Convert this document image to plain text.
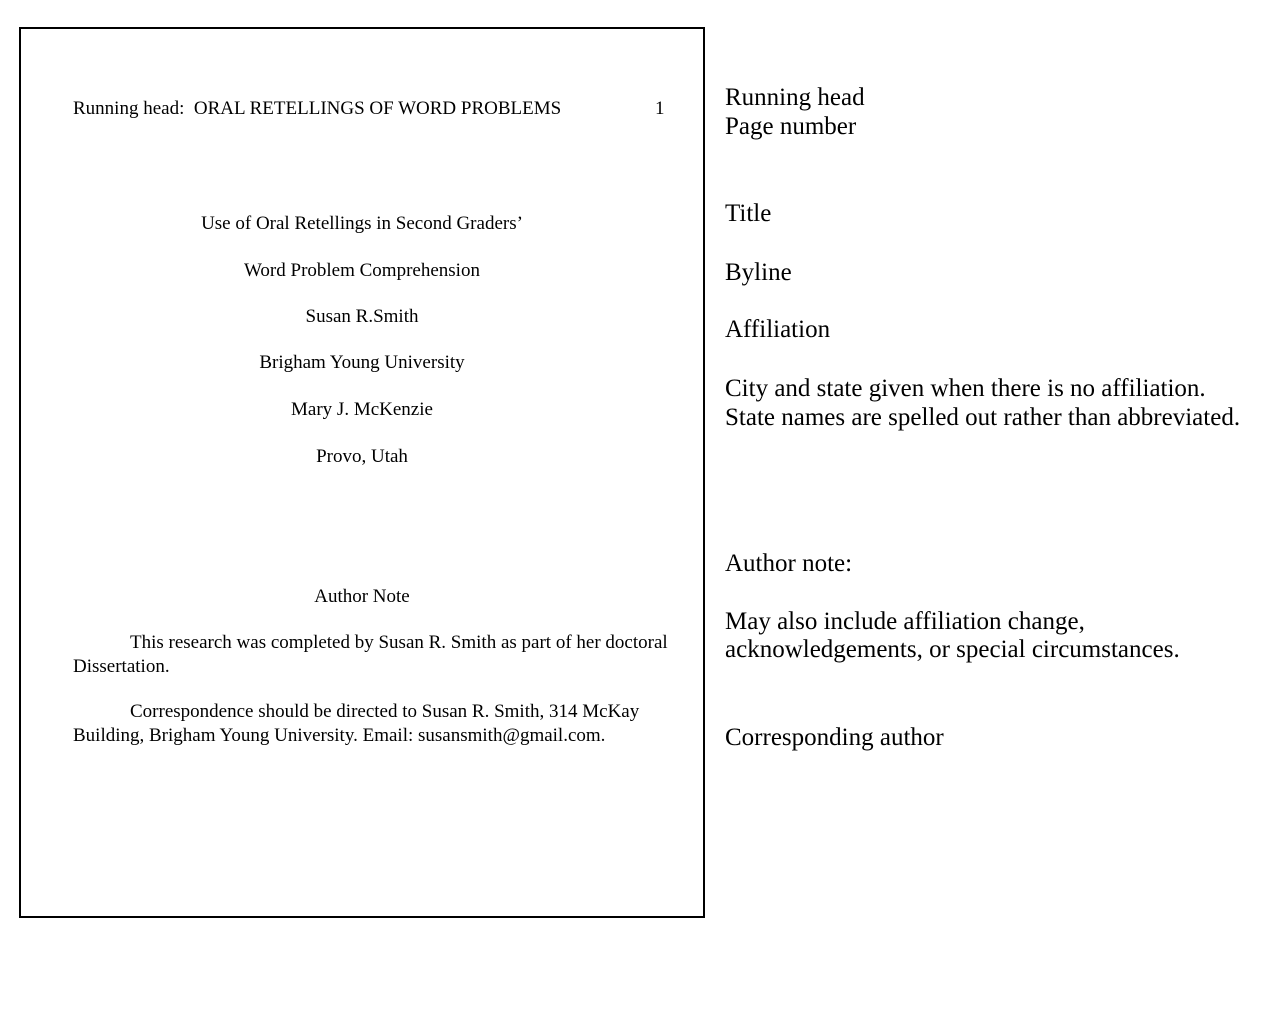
Running head: ORAL RETELLINGS OF WORD PROBLEMS	1
Use of Oral Retellings in Second Graders’
Word Problem Comprehension
Susan R.Smith
Brigham Young University
Mary J. McKenzie
Provo, Utah
Author Note
This research was completed by Susan R. Smith as part of her doctoral Dissertation.
Correspondence should be directed to Susan R. Smith, 314 McKay Building, Brigham Young University. Email: susansmith@gmail.com.
Running head
Page number
Title
Byline
Affiliation
City and state given when there is no affiliation.
State names are spelled out rather than abbreviated.
Author note:
May also include affiliation change,
acknowledgements, or special circumstances.
Corresponding author
